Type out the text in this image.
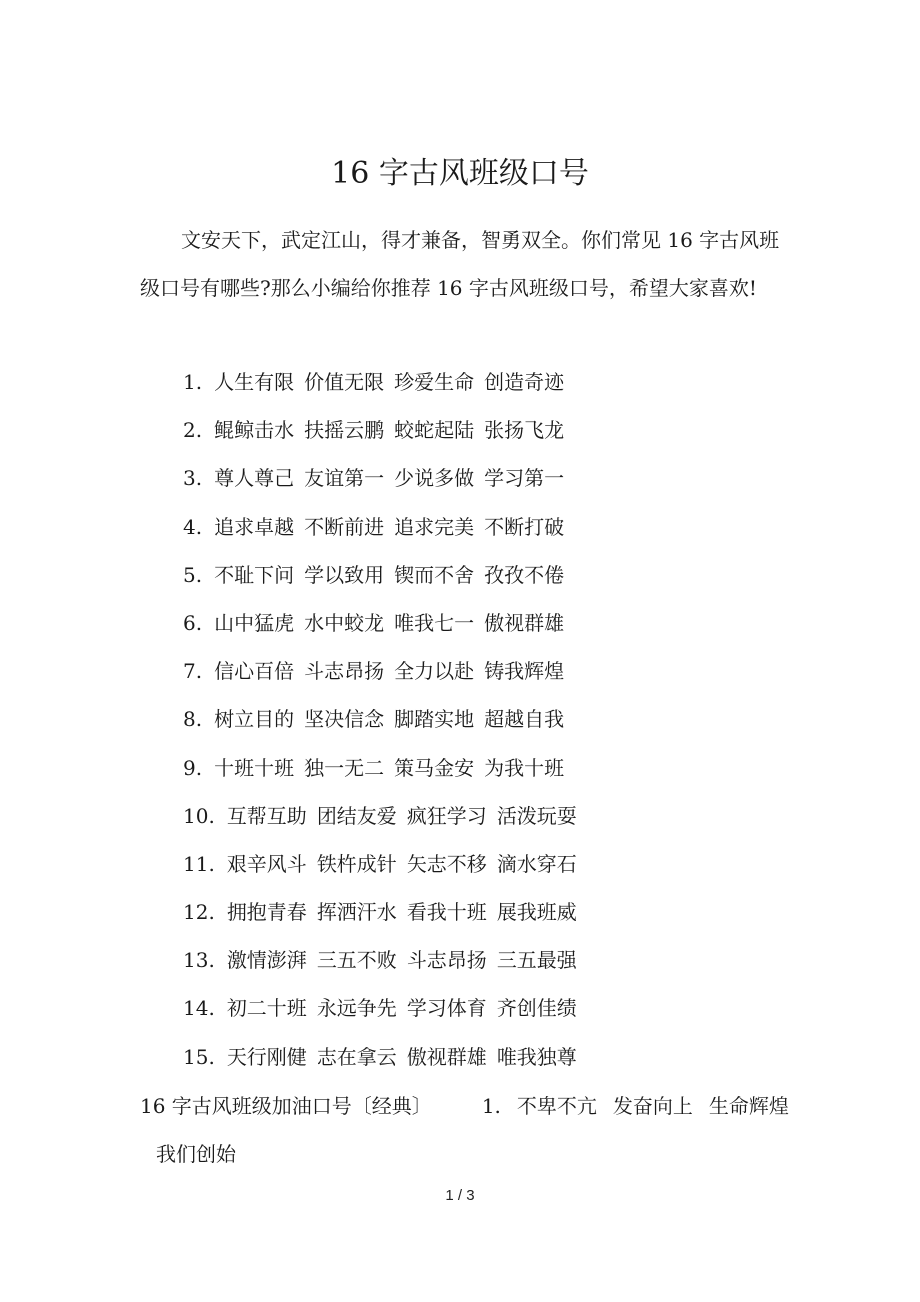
16 字古风班级口号

文安天下，武定江山，得才兼备，智勇双全。你们常见 16 字古风班级口号有哪些?那么小编给你推荐 16 字古风班级口号，希望大家喜欢!

1. 人生有限 价值无限 珍爱生命 创造奇迹
2. 鲲鲸击水 扶摇云鹏 蛟蛇起陆 张扬飞龙
3. 尊人尊己 友谊第一 少说多做 学习第一
4. 追求卓越 不断前进 追求完美 不断打破
5. 不耻下问 学以致用 锲而不舍 孜孜不倦
6. 山中猛虎 水中蛟龙 唯我七一 傲视群雄
7. 信心百倍 斗志昂扬 全力以赴 铸我辉煌
8. 树立目的 坚决信念 脚踏实地 超越自我
9. 十班十班 独一无二 策马金安 为我十班
10. 互帮互助 团结友爱 疯狂学习 活泼玩耍
11. 艰辛风斗 铁杵成针 矢志不移 滴水穿石
12. 拥抱青春 挥洒汗水 看我十班 展我班威
13. 激情澎湃 三五不败 斗志昂扬 三五最强
14. 初二十班 永远争先 学习体育 齐创佳绩
15. 天行刚健 志在拿云 傲视群雄 唯我独尊

16 字古风班级加油口号〔经典〕	1. 不卑不亢 发奋向上 生命辉煌我们创始

1 / 3
